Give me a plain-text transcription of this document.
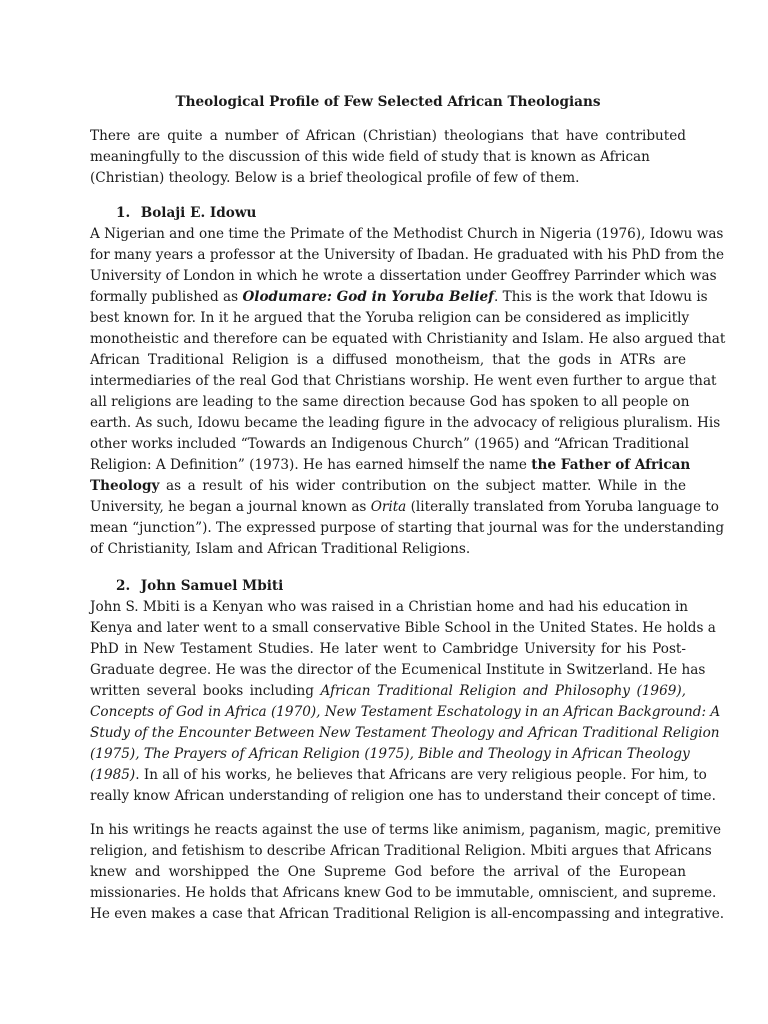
Theological Profile of Few Selected African Theologians
There are quite a number of African (Christian) theologians that have contributed
meaningfully to the discussion of this wide field of study that is known as African
(Christian) theology. Below is a brief theological profile of few of them.
1. Bolaji E. Idowu
A Nigerian and one time the Primate of the Methodist Church in Nigeria (1976), Idowu was
for many years a professor at the University of Ibadan. He graduated with his PhD from the
University of London in which he wrote a dissertation under Geoffrey Parrinder which was
formally published as Olodumare: God in Yoruba Belief. This is the work that Idowu is
best known for. In it he argued that the Yoruba religion can be considered as implicitly
monotheistic and therefore can be equated with Christianity and Islam. He also argued that
African Traditional Religion is a diffused monotheism, that the gods in ATRs are
intermediaries of the real God that Christians worship. He went even further to argue that
all religions are leading to the same direction because God has spoken to all people on
earth. As such, Idowu became the leading figure in the advocacy of religious pluralism. His
other works included “Towards an Indigenous Church” (1965) and “African Traditional
Religion: A Definition” (1973). He has earned himself the name the Father of African
Theology as a result of his wider contribution on the subject matter. While in the
University, he began a journal known as Orita (literally translated from Yoruba language to
mean “junction”). The expressed purpose of starting that journal was for the understanding
of Christianity, Islam and African Traditional Religions.
2. John Samuel Mbiti
John S. Mbiti is a Kenyan who was raised in a Christian home and had his education in
Kenya and later went to a small conservative Bible School in the United States. He holds a
PhD in New Testament Studies. He later went to Cambridge University for his Post-
Graduate degree. He was the director of the Ecumenical Institute in Switzerland. He has
written several books including African Traditional Religion and Philosophy (1969),
Concepts of God in Africa (1970), New Testament Eschatology in an African Background: A
Study of the Encounter Between New Testament Theology and African Traditional Religion
(1975), The Prayers of African Religion (1975), Bible and Theology in African Theology
(1985). In all of his works, he believes that Africans are very religious people. For him, to
really know African understanding of religion one has to understand their concept of time.
In his writings he reacts against the use of terms like animism, paganism, magic, premitive
religion, and fetishism to describe African Traditional Religion. Mbiti argues that Africans
knew and worshipped the One Supreme God before the arrival of the European
missionaries. He holds that Africans knew God to be immutable, omniscient, and supreme.
He even makes a case that African Traditional Religion is all-encompassing and integrative.
